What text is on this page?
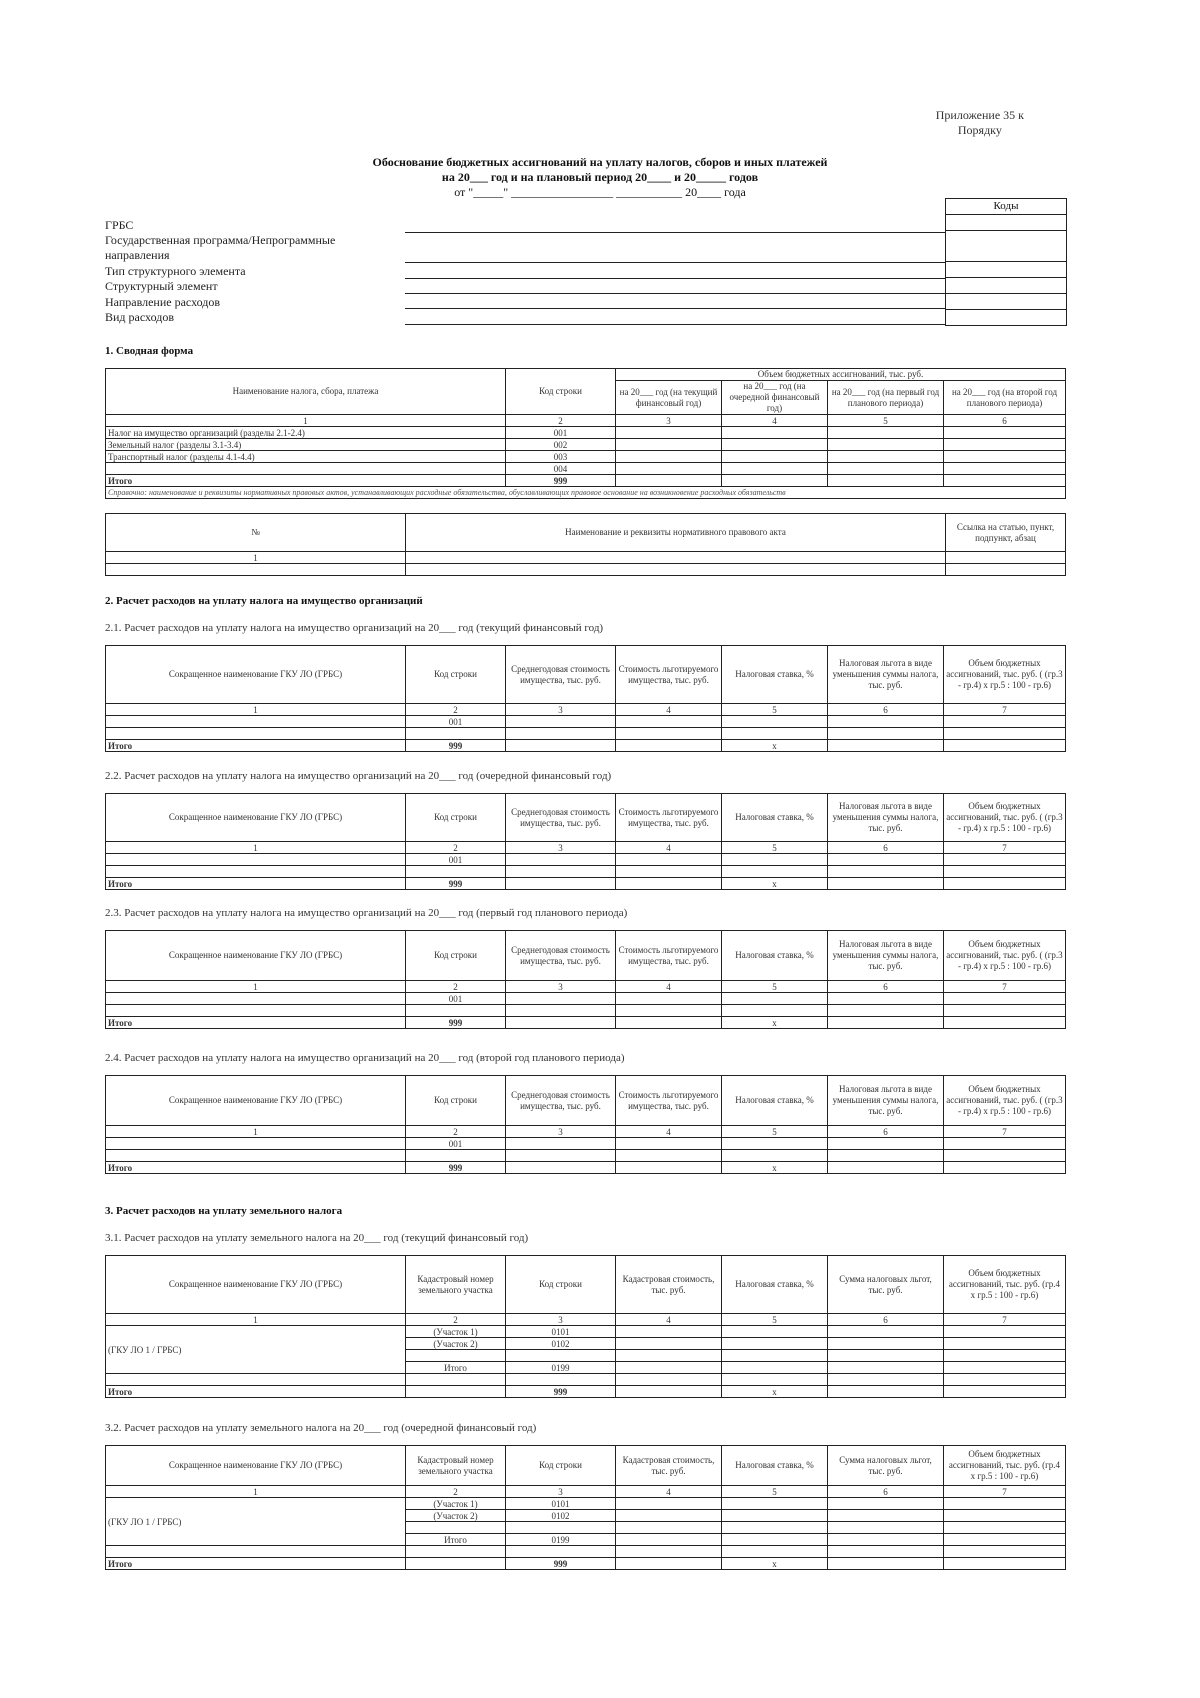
Приложение 35 к
Порядку
Обоснование бюджетных ассигнований на уплату налогов, сборов и иных платежей
на 20___ год и на плановый период 20____ и 20_____ годов
от "_____" _________________ ___________ 20____ года
ГРБС
Государственная программа/Непрограммные
направления
Тип структурного элемента
Структурный элемент
Направление расходов
Вид расходов
Коды
1. Сводная форма
Наименование налога, сбора, платежа	Код строки	Объем бюджетных ассигнований, тыс. руб.			
		на 20___ год (на текущий финансовый год)	на 20___ год (на очередной финансовый год)	на 20___ год (на первый год планового периода)	на 20___ год (на второй год планового периода)
1	2	3	4	5	6
Налог на имущество организаций (разделы 2.1-2.4)	001				
Земельный налог (разделы 3.1-3.4)	002				
Транспортный налог (разделы 4.1-4.4)	003				
	004				
Итого	999				
Справочно: наименование и реквизиты нормативных правовых актов, устанавливающих расходные обязательства, обуславливающих правовое основание на возникновение расходных обязательств					
№	Наименование и реквизиты нормативного правового акта	Ссылка на статью, пункт, подпункт, абзац
1		

2. Расчет расходов на уплату налога на имущество организаций
2.1. Расчет расходов на уплату налога на имущество организаций на 20___ год (текущий финансовый год)
Сокращенное наименование ГКУ ЛО (ГРБС)	Код строки	Среднегодовая стоимость имущества, тыс. руб.	Стоимость льготируемого имущества, тыс. руб.	Налоговая ставка, %	Налоговая льгота в виде уменьшения суммы налога, тыс. руб.	Объем бюджетных ассигнований, тыс. руб. ( (гр.3 - гр.4) х гр.5 : 100 - гр.6)
1	2	3	4	5	6	7
	001					

Итого	999			x		
2.2. Расчет расходов на уплату налога на имущество организаций на 20___ год (очередной финансовый год)
Сокращенное наименование ГКУ ЛО (ГРБС)	Код строки	Среднегодовая стоимость имущества, тыс. руб.	Стоимость льготируемого имущества, тыс. руб.	Налоговая ставка, %	Налоговая льгота в виде уменьшения суммы налога, тыс. руб.	Объем бюджетных ассигнований, тыс. руб. ( (гр.3 - гр.4) х гр.5 : 100 - гр.6)
1	2	3	4	5	6	7
	001					

Итого	999			x		
2.3. Расчет расходов на уплату налога на имущество организаций на 20___ год (первый год планового периода)
Сокращенное наименование ГКУ ЛО (ГРБС)	Код строки	Среднегодовая стоимость имущества, тыс. руб.	Стоимость льготируемого имущества, тыс. руб.	Налоговая ставка, %	Налоговая льгота в виде уменьшения суммы налога, тыс. руб.	Объем бюджетных ассигнований, тыс. руб. ( (гр.3 - гр.4) х гр.5 : 100 - гр.6)
1	2	3	4	5	6	7
	001					

Итого	999			x		
2.4. Расчет расходов на уплату налога на имущество организаций на 20___ год (второй год планового периода)
Сокращенное наименование ГКУ ЛО (ГРБС)	Код строки	Среднегодовая стоимость имущества, тыс. руб.	Стоимость льготируемого имущества, тыс. руб.	Налоговая ставка, %	Налоговая льгота в виде уменьшения суммы налога, тыс. руб.	Объем бюджетных ассигнований, тыс. руб. ( (гр.3 - гр.4) х гр.5 : 100 - гр.6)
1	2	3	4	5	6	7
	001					

Итого	999			x		
3. Расчет расходов на уплату земельного налога
3.1. Расчет расходов на уплату земельного налога на 20___ год (текущий финансовый год)
Сокращенное наименование ГКУ ЛО (ГРБС)	Кадастровый номер земельного участка	Код строки	Кадастровая стоимость, тыс. руб.	Налоговая ставка, %	Сумма налоговых льгот, тыс. руб.	Объем бюджетных ассигнований, тыс. руб. (гр.4 х гр.5 : 100 - гр.6)
1	2	3	4	5	6	7
(ГКУ ЛО 1 / ГРБС)	(Участок 1)	0101				
	(Участок 2)	0102				

	Итого	0199				

Итого		999		x		
3.2. Расчет расходов на уплату земельного налога на 20___ год (очередной финансовый год)
Сокращенное наименование ГКУ ЛО (ГРБС)	Кадастровый номер земельного участка	Код строки	Кадастровая стоимость, тыс. руб.	Налоговая ставка, %	Сумма налоговых льгот, тыс. руб.	Объем бюджетных ассигнований, тыс. руб. (гр.4 х гр.5 : 100 - гр.6)
1	2	3	4	5	6	7
(ГКУ ЛО 1 / ГРБС)	(Участок 1)	0101				
	(Участок 2)	0102				

	Итого	0199				

Итого		999		x		
